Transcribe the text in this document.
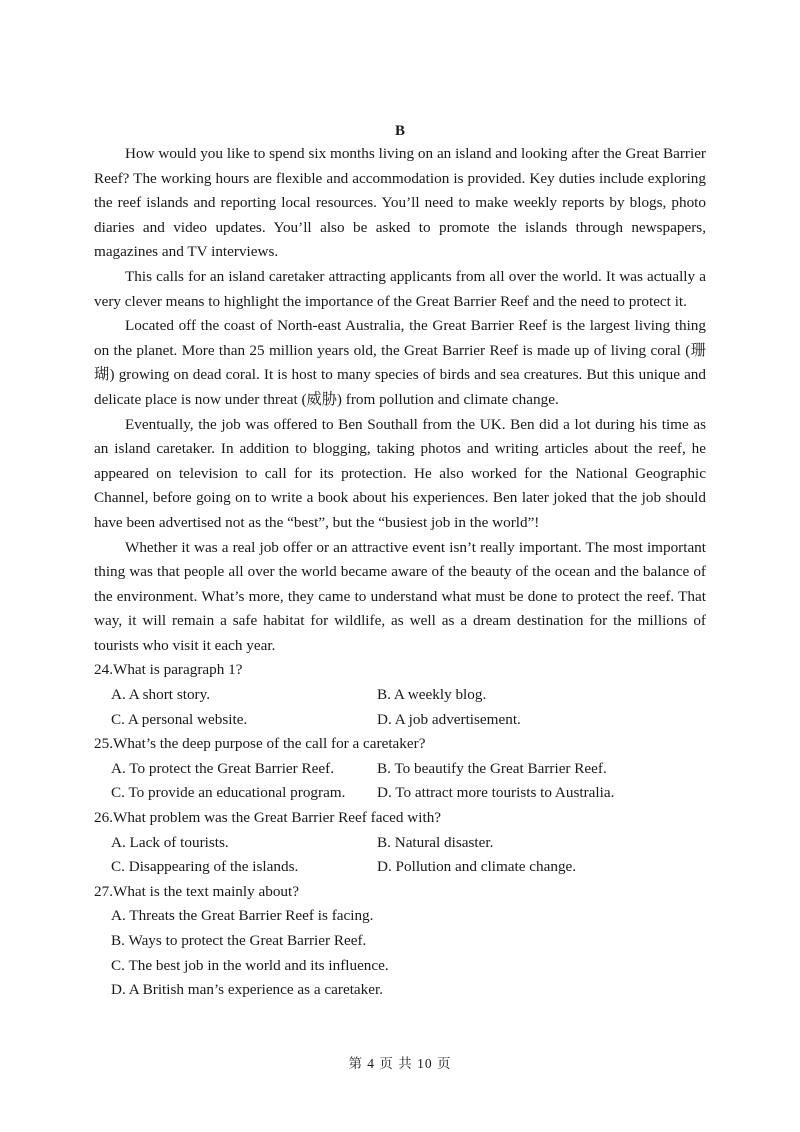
B

How would you like to spend six months living on an island and looking after the Great Barrier Reef? The working hours are flexible and accommodation is provided. Key duties include exploring the reef islands and reporting local resources. You’ll need to make weekly reports by blogs, photo diaries and video updates. You’ll also be asked to promote the islands through newspapers, magazines and TV interviews.

This calls for an island caretaker attracting applicants from all over the world. It was actually a very clever means to highlight the importance of the Great Barrier Reef and the need to protect it.

Located off the coast of North-east Australia, the Great Barrier Reef is the largest living thing on the planet. More than 25 million years old, the Great Barrier Reef is made up of living coral (珊瑚) growing on dead coral. It is host to many species of birds and sea creatures. But this unique and delicate place is now under threat (威胁) from pollution and climate change.

Eventually, the job was offered to Ben Southall from the UK. Ben did a lot during his time as an island caretaker. In addition to blogging, taking photos and writing articles about the reef, he appeared on television to call for its protection. He also worked for the National Geographic Channel, before going on to write a book about his experiences. Ben later joked that the job should have been advertised not as the “best”, but the “busiest job in the world”!

Whether it was a real job offer or an attractive event isn’t really important. The most important thing was that people all over the world became aware of the beauty of the ocean and the balance of the environment. What’s more, they came to understand what must be done to protect the reef. That way, it will remain a safe habitat for wildlife, as well as a dream destination for the millions of tourists who visit it each year.

24.What is paragraph 1?
A. A short story.	B. A weekly blog.
C. A personal website.	D. A job advertisement.
25.What’s the deep purpose of the call for a caretaker?
A. To protect the Great Barrier Reef.	B. To beautify the Great Barrier Reef.
C. To provide an educational program.	D. To attract more tourists to Australia.
26.What problem was the Great Barrier Reef faced with?
A. Lack of tourists.	B. Natural disaster.
C. Disappearing of the islands.	D. Pollution and climate change.
27.What is the text mainly about?
A. Threats the Great Barrier Reef is facing.
B. Ways to protect the Great Barrier Reef.
C. The best job in the world and its influence.
D. A British man’s experience as a caretaker.
第 4 页 共 10 页
